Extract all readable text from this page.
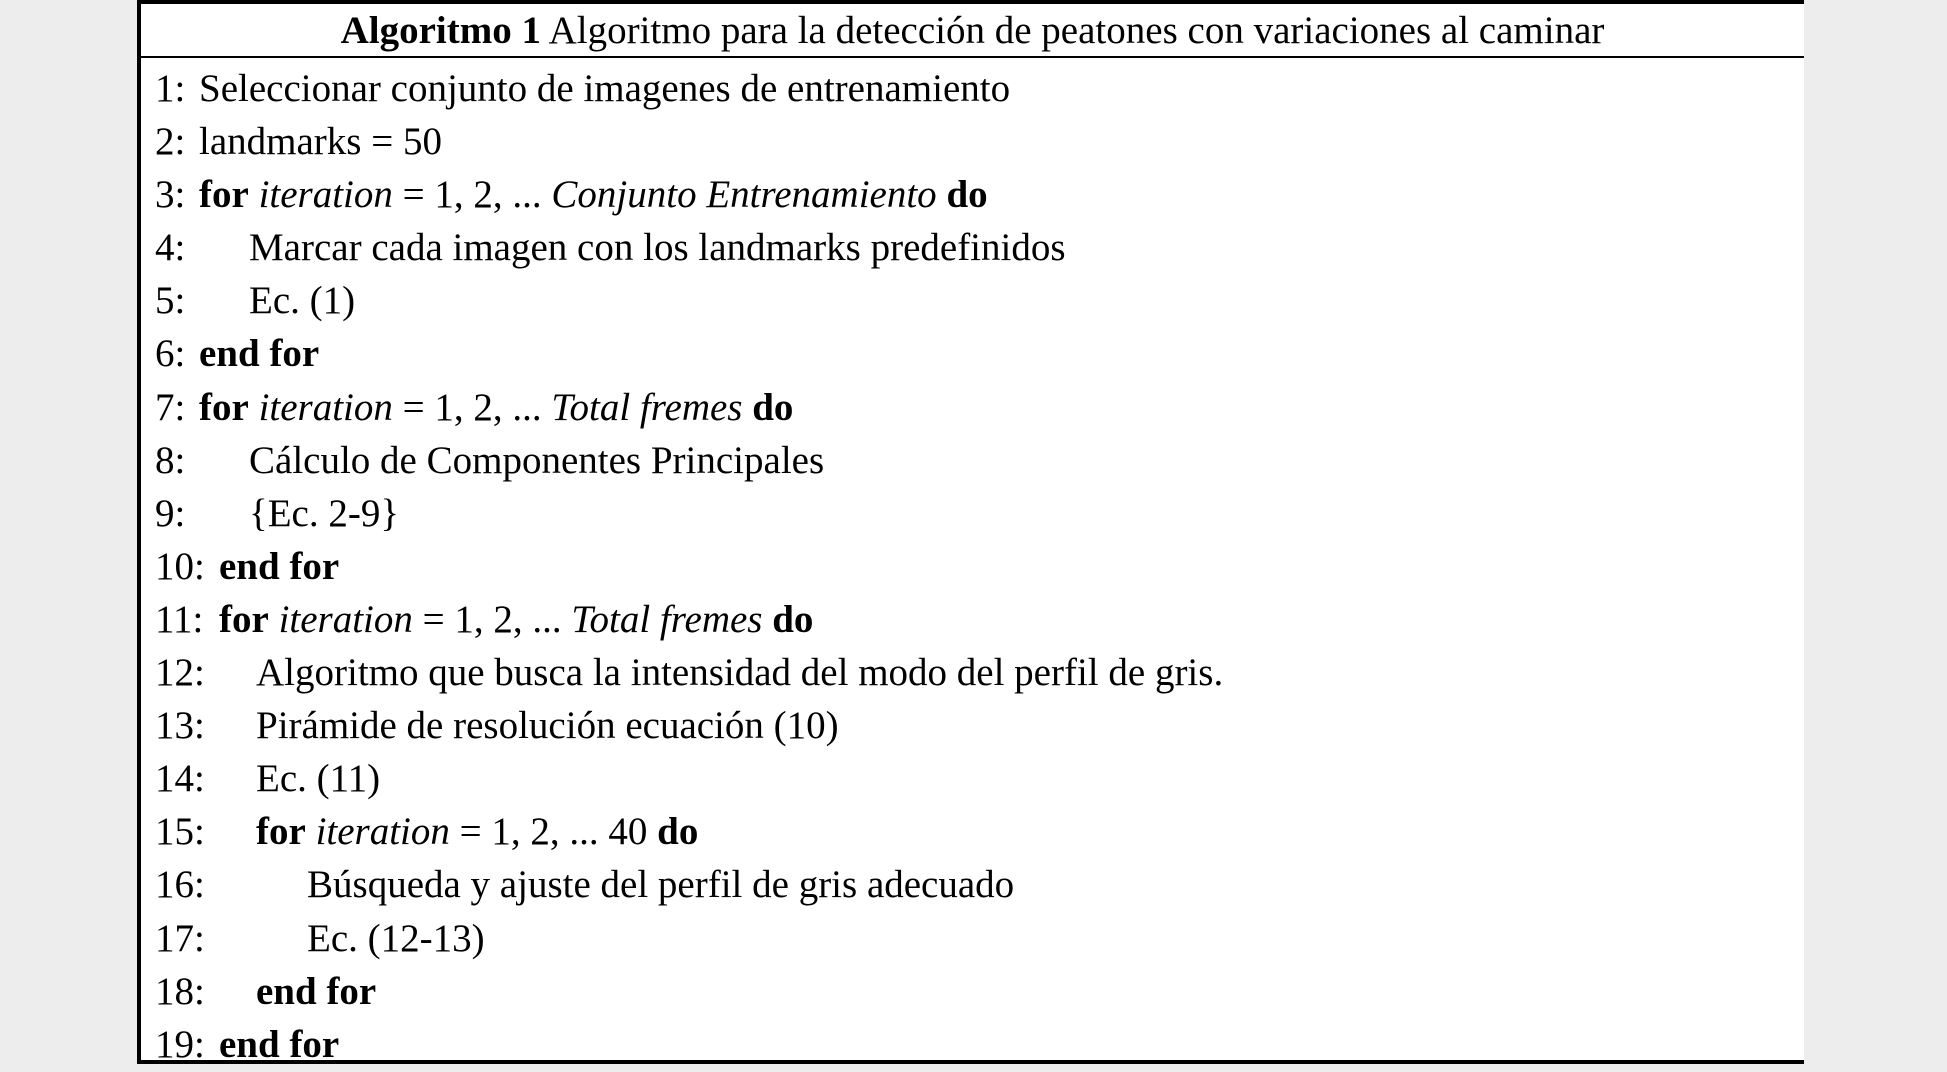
Algoritmo 1 Algoritmo para la detección de peatones con variaciones al caminar
1: Seleccionar conjunto de imagenes de entrenamiento
2: landmarks = 50
3: for iteration = 1, 2, ... Conjunto Entrenamiento do
4: Marcar cada imagen con los landmarks predefinidos
5: Ec. (1)
6: end for
7: for iteration = 1, 2, ... Total fremes do
8: Cálculo de Componentes Principales
9: {Ec. 2-9}
10: end for
11: for iteration = 1, 2, ... Total fremes do
12: Algoritmo que busca la intensidad del modo del perfil de gris.
13: Pirámide de resolución ecuación (10)
14: Ec. (11)
15: for iteration = 1, 2, ... 40 do
16:	Búsqueda y ajuste del perfil de gris adecuado
17:	Ec. (12-13)
18: end for
19: end for
